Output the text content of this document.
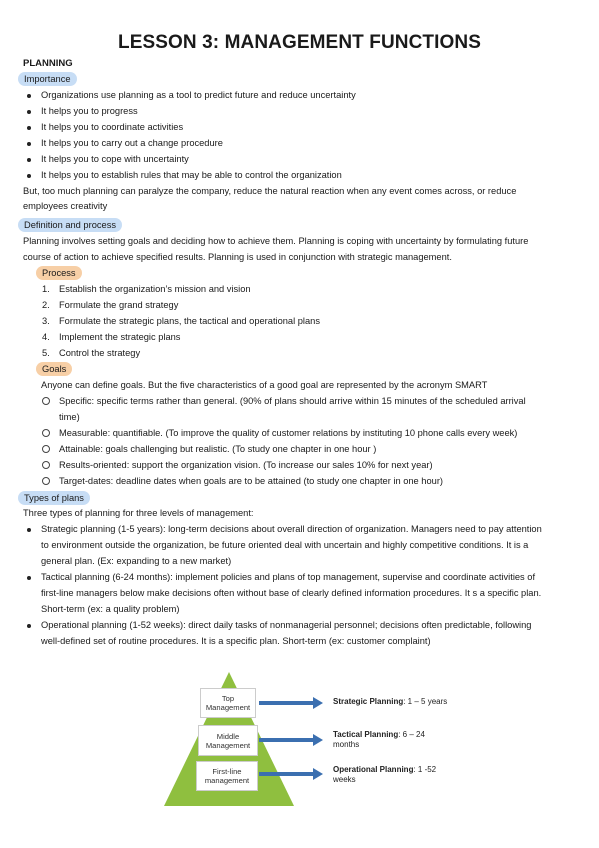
LESSON 3: MANAGEMENT FUNCTIONS
PLANNING
Importance
Organizations use planning as a tool to predict future and reduce uncertainty
It helps you to progress
It helps you to coordinate activities
It helps you to carry out a change procedure
It helps you to cope with uncertainty
It helps you to establish rules that may be able to control the organization
But, too much planning can paralyze the company, reduce the natural reaction when any event comes across, or reduce
employees creativity
Definition and process
Planning involves setting goals and deciding how to achieve them. Planning is coping with uncertainty by formulating future
course of action to achieve specified results. Planning is used in conjunction with strategic management.
Process
1. Establish the organization’s mission and vision
2. Formulate the grand strategy
3. Formulate the strategic plans, the tactical and operational plans
4. Implement the strategic plans
5. Control the strategy
Goals
Anyone can define goals. But the five characteristics of a good goal are represented by the acronym SMART
Specific: specific terms rather than general. (90% of plans should arrive within 15 minutes of the scheduled arrival
time)
Measurable: quantifiable. (To improve the quality of customer relations by instituting 10 phone calls every week)
Attainable: goals challenging but realistic. (To study one chapter in one hour )
Results-oriented: support the organization vision. (To increase our sales 10% for next year)
Target-dates: deadline dates when goals are to be attained (to study one chapter in one hour)
Types of plans
Three types of planning for three levels of management:
Strategic planning (1-5 years): long-term decisions about overall direction of organization. Managers need to pay attention
to environment outside the organization, be future oriented deal with uncertain and highly competitive conditions. It is a
general plan. (Ex: expanding to a new market)
Tactical planning (6-24 months): implement policies and plans of top management, supervise and coordinate activities of
first-line managers below make decisions often without base of clearly defined information procedures. It s a specific plan.
Short-term (ex: a quality problem)
Operational planning (1-52 weeks): direct daily tasks of nonmanagerial personnel; decisions often predictable, following
well-defined set of routine procedures. It is a specific plan. Short-term (ex: customer complaint)
Top
Management
Middle
Management
First-line
management
Strategic Planning: 1 – 5 years
Tactical Planning: 6 – 24
months
Operational Planning: 1 -52
weeks
